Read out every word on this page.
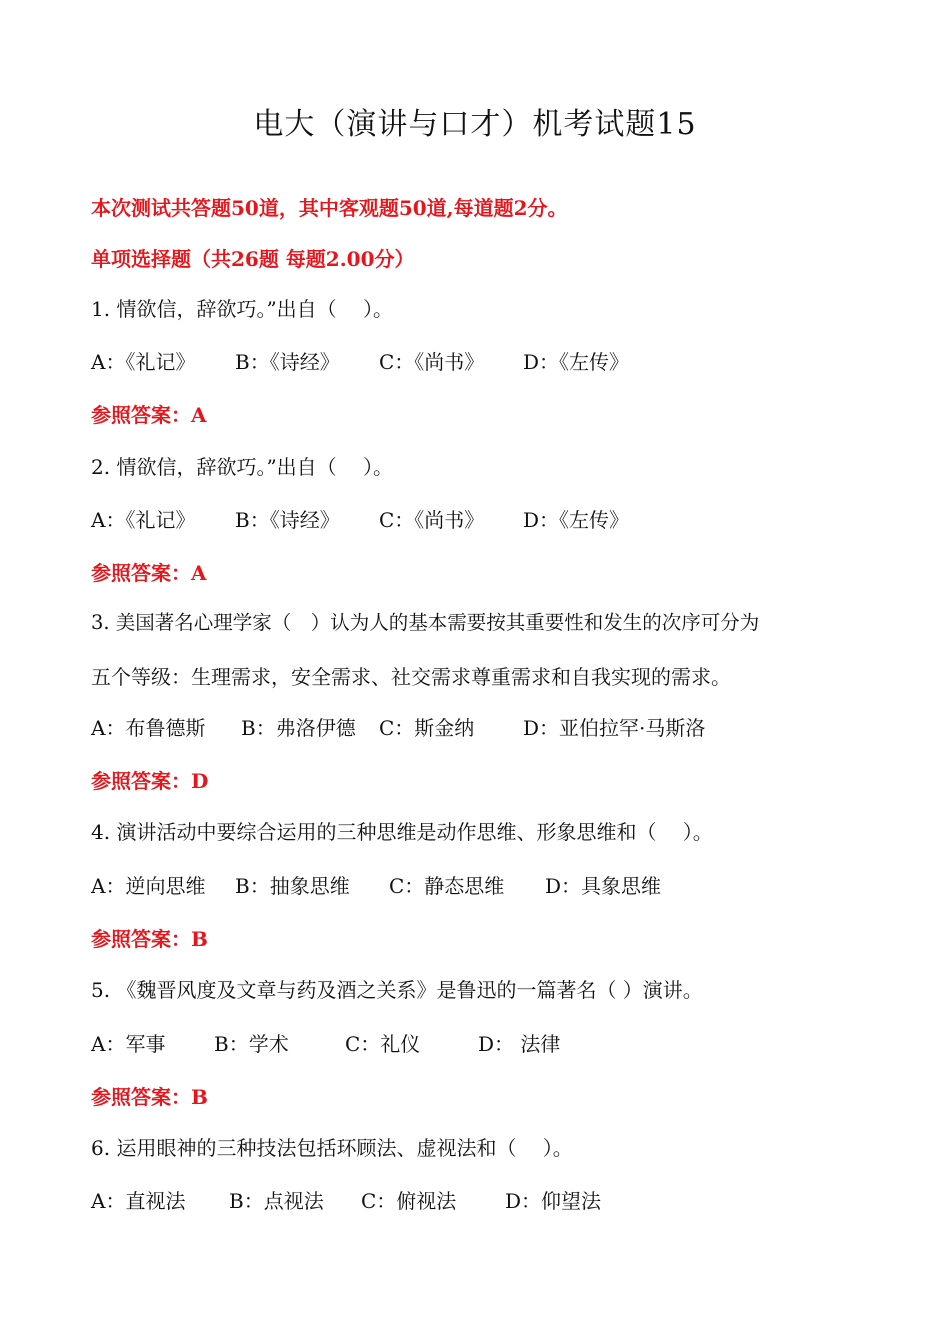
电大（演讲与口才）机考试题15
本次测试共答题50道，其中客观题50道,每道题2分。
单项选择题（共26题 每题2.00分）
1. 情欲信，辞欲巧。”出自（　 ）。
A：《礼记》 B：《诗经》 C：《尚书》 D：《左传》
参照答案：A
2. 情欲信，辞欲巧。”出自（　 ）。
A：《礼记》 B：《诗经》 C：《尚书》 D：《左传》
参照答案：A
3. 美国著名心理学家（　）认为人的基本需要按其重要性和发生的次序可分为
五个等级：生理需求，安全需求、社交需求尊重需求和自我实现的需求。
A：布鲁德斯 B：弗洛伊德 C：斯金纳 D：亚伯拉罕·马斯洛
参照答案：D
4. 演讲活动中要综合运用的三种思维是动作思维、形象思维和（　 ）。
A：逆向思维 B：抽象思维 C：静态思维 D：具象思维
参照答案：B
5. 《魏晋风度及文章与药及酒之关系》是鲁迅的一篇著名（ ）演讲。
A：军事 B：学术	C：礼仪	D： 法律
参照答案：B
6. 运用眼神的三种技法包括环顾法、虚视法和（　 ）。
A：直视法 B：点视法 C：俯视法 D：仰望法
